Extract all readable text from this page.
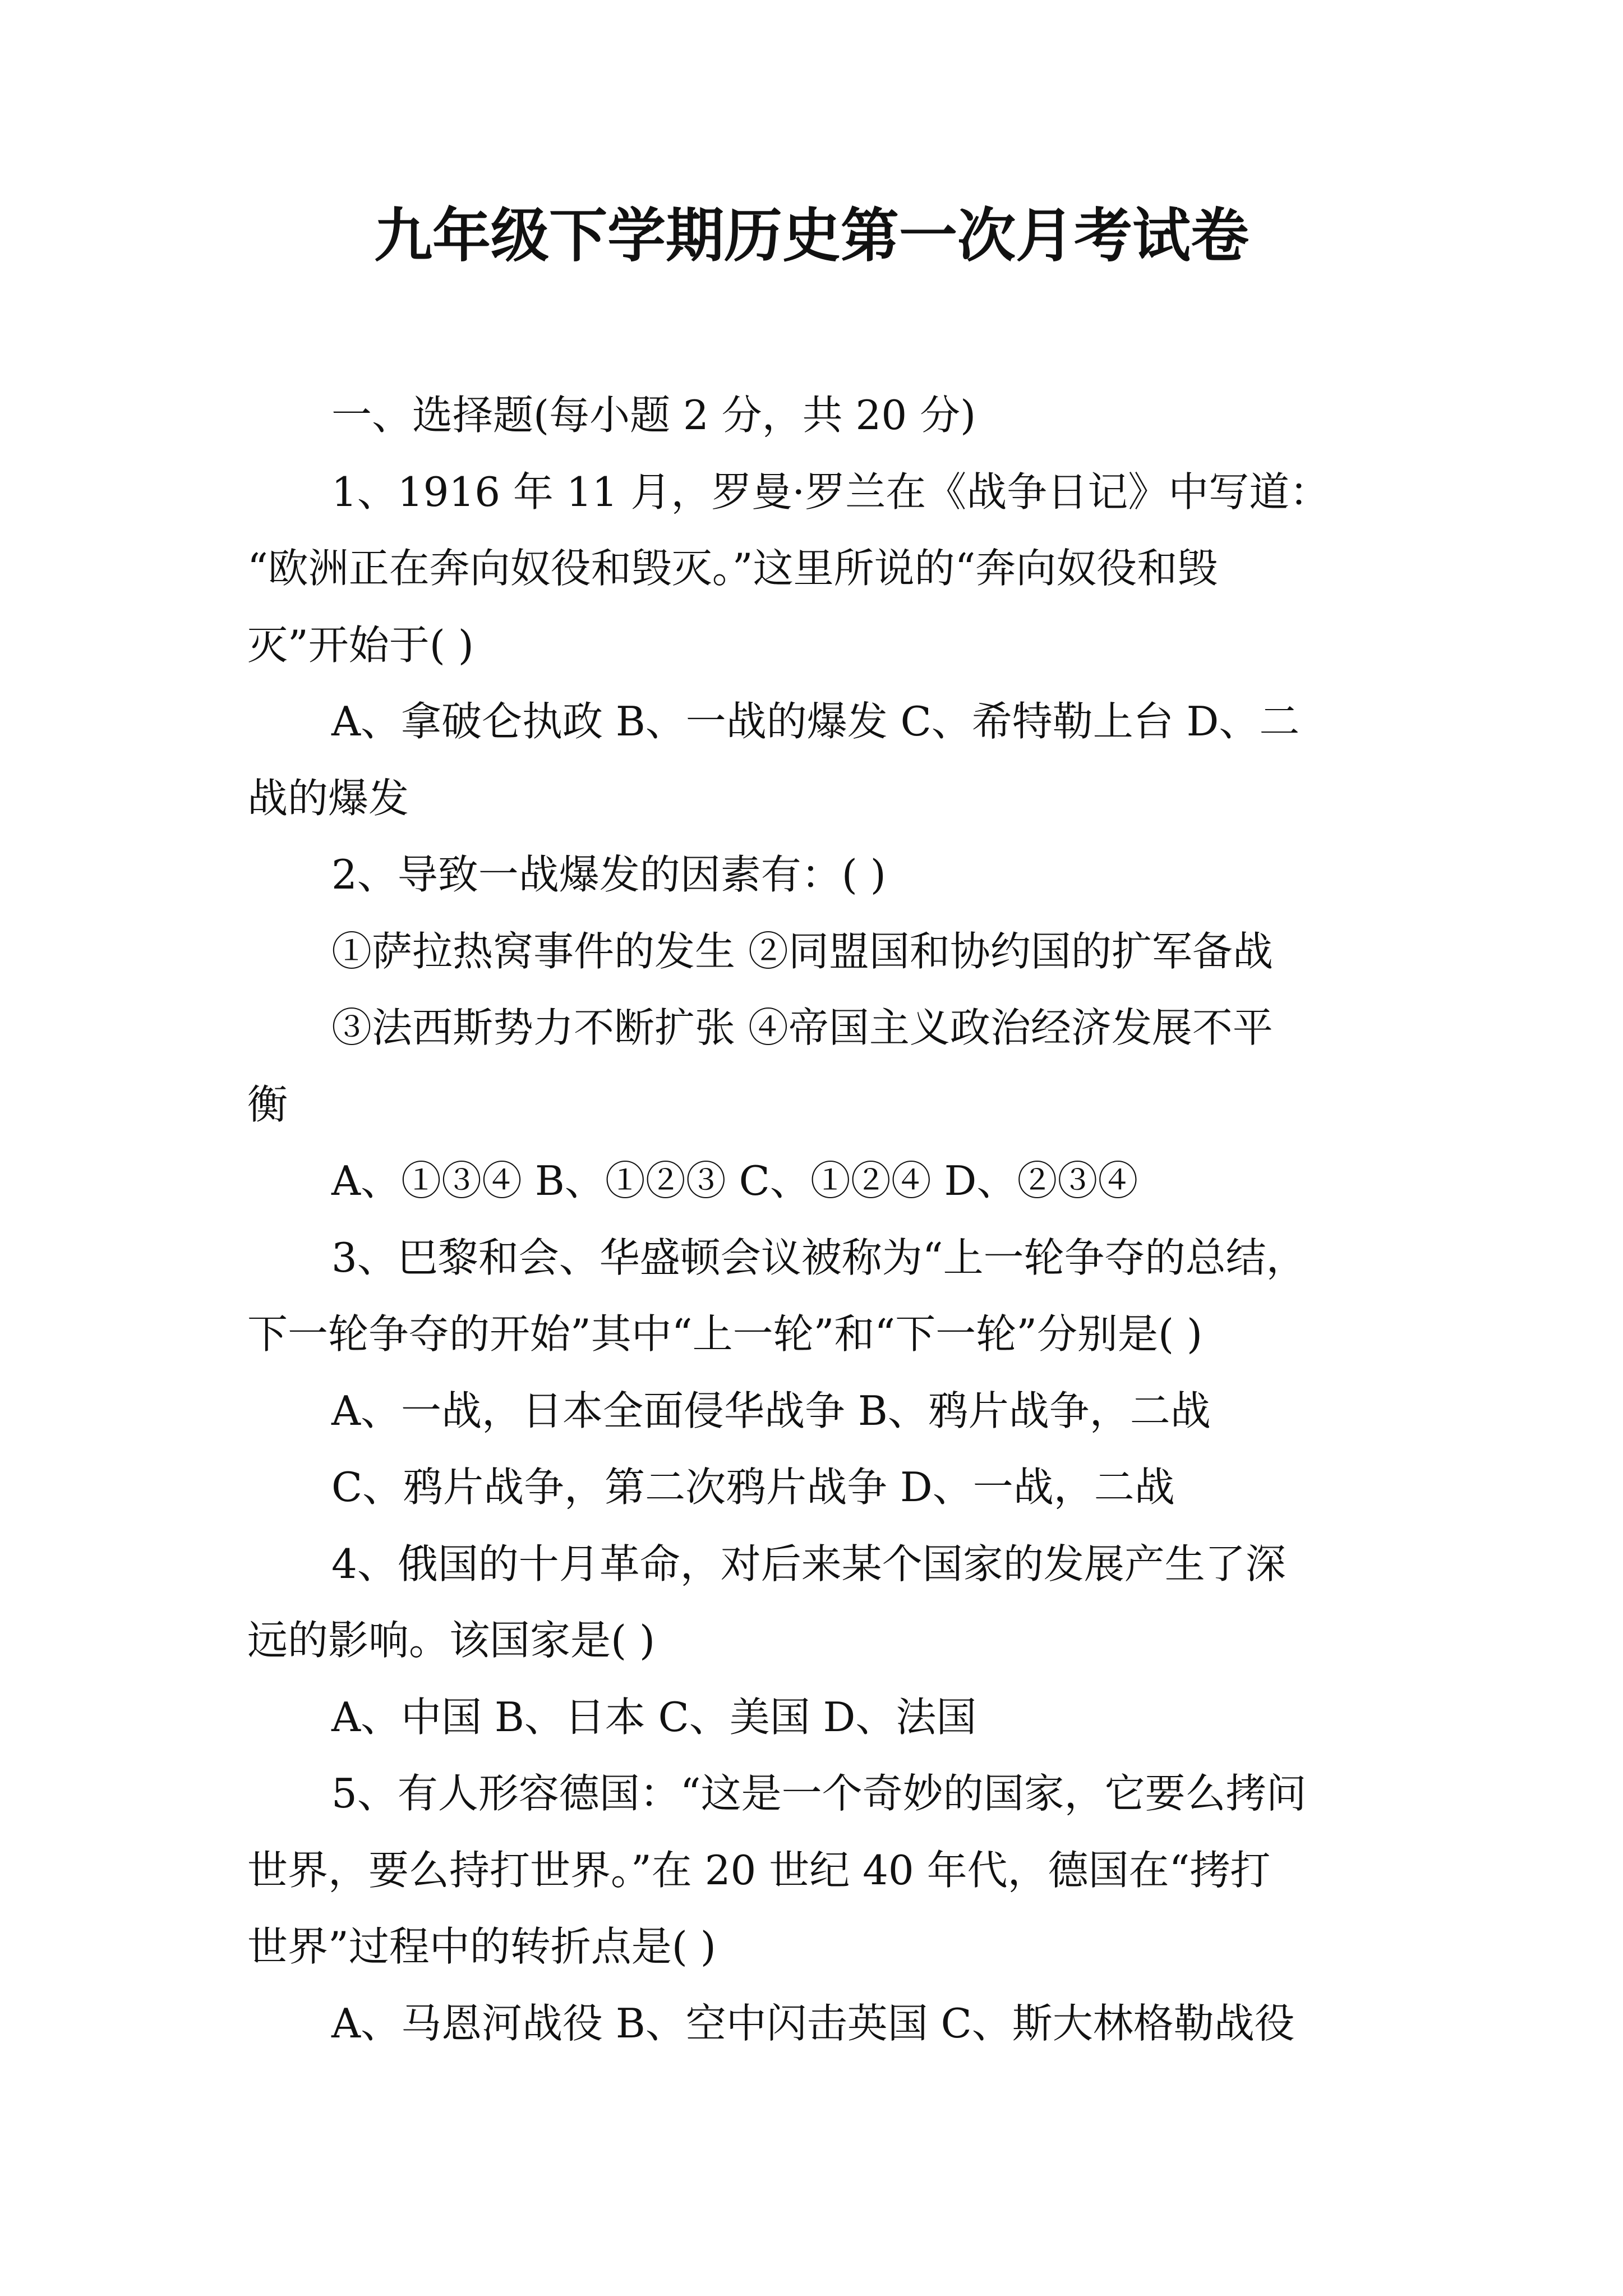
九年级下学期历史第一次月考试卷
一、选择题(每小题 2 分，共 20 分)
1、1916 年 11 月，罗曼·罗兰在《战争日记》中写道：
“欧洲正在奔向奴役和毁灭。”这里所说的“奔向奴役和毁
灭”开始于( )
A、拿破仑执政 B、一战的爆发 C、希特勒上台 D、二
战的爆发
2、导致一战爆发的因素有：( )
①萨拉热窝事件的发生 ②同盟国和协约国的扩军备战
③法西斯势力不断扩张 ④帝国主义政治经济发展不平
衡
A、①③④ B、①②③ C、①②④ D、②③④
3、巴黎和会、华盛顿会议被称为“上一轮争夺的总结，
下一轮争夺的开始”其中“上一轮”和“下一轮”分别是( )
A、一战，日本全面侵华战争 B、鸦片战争，二战
C、鸦片战争，第二次鸦片战争 D、一战，二战
4、俄国的十月革命，对后来某个国家的发展产生了深
远的影响。该国家是( )
A、中国 B、日本 C、美国 D、法国
5、有人形容德国：“这是一个奇妙的国家，它要么拷问
世界，要么持打世界。”在 20 世纪 40 年代，德国在“拷打
世界”过程中的转折点是( )
A、马恩河战役 B、空中闪击英国 C、斯大林格勒战役
